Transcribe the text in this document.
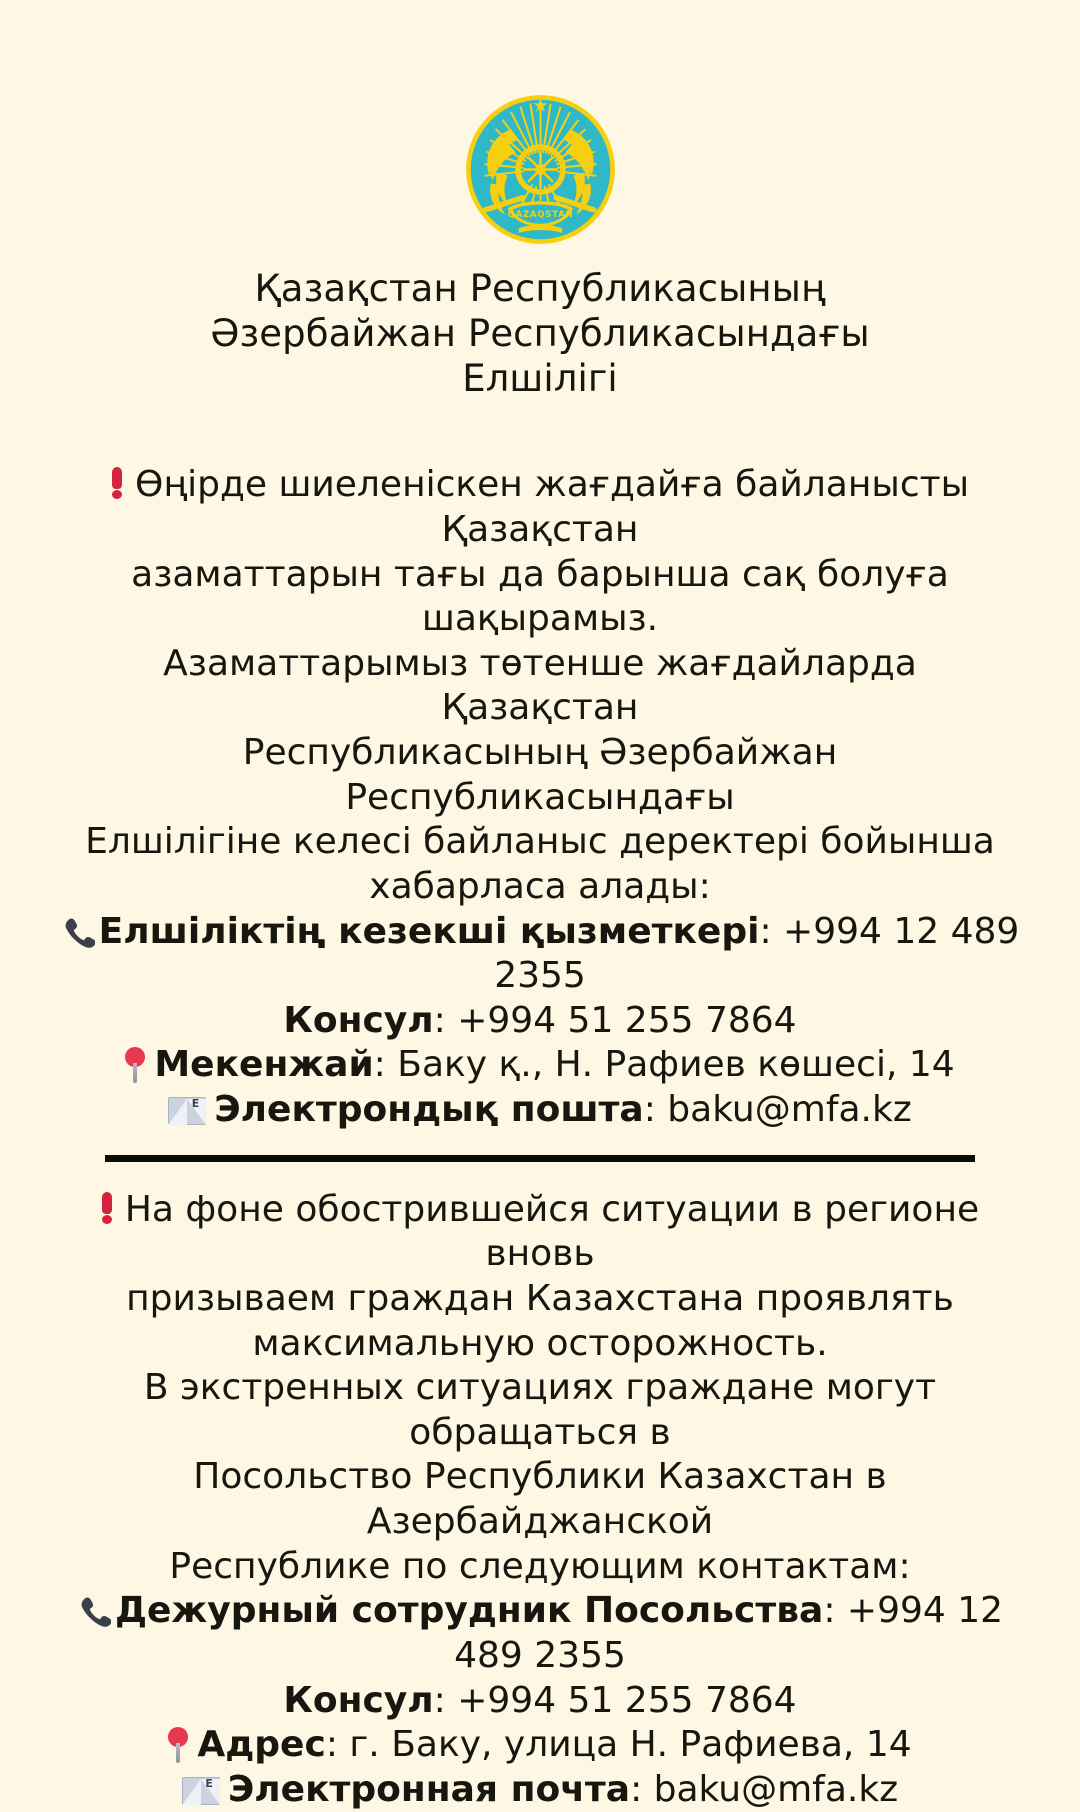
QAZAQSTAN
Қазақстан Республикасының
Әзербайжан Республикасындағы
Елшілігі
Өңірде шиеленіскен жағдайға байланысты Қазақстан
азаматтарын тағы да барынша сақ болуға шақырамыз.
Азаматтарымыз төтенше жағдайларда Қазақстан
Республикасының Әзербайжан Республикасындағы
Елшілігіне келесі байланыс деректері бойынша
хабарласа алады:
Елшіліктің кезекші қызметкері: +994 12 489 2355
Консул: +994 51 255 7864
Мекенжай: Баку қ., Н. Рафиев көшесі, 14
E Электрондық пошта: baku@mfa.kz
На фоне обострившейся ситуации в регионе вновь
призываем граждан Казахстана проявлять
максимальную осторожность.
В экстренных ситуациях граждане могут обращаться в
Посольство Республики Казахстан в Азербайджанской
Республике по следующим контактам:
Дежурный сотрудник Посольства: +994 12 489 2355
Консул: +994 51 255 7864
Адрес: г. Баку, улица Н. Рафиева, 14
E Электронная почта: baku@mfa.kz
